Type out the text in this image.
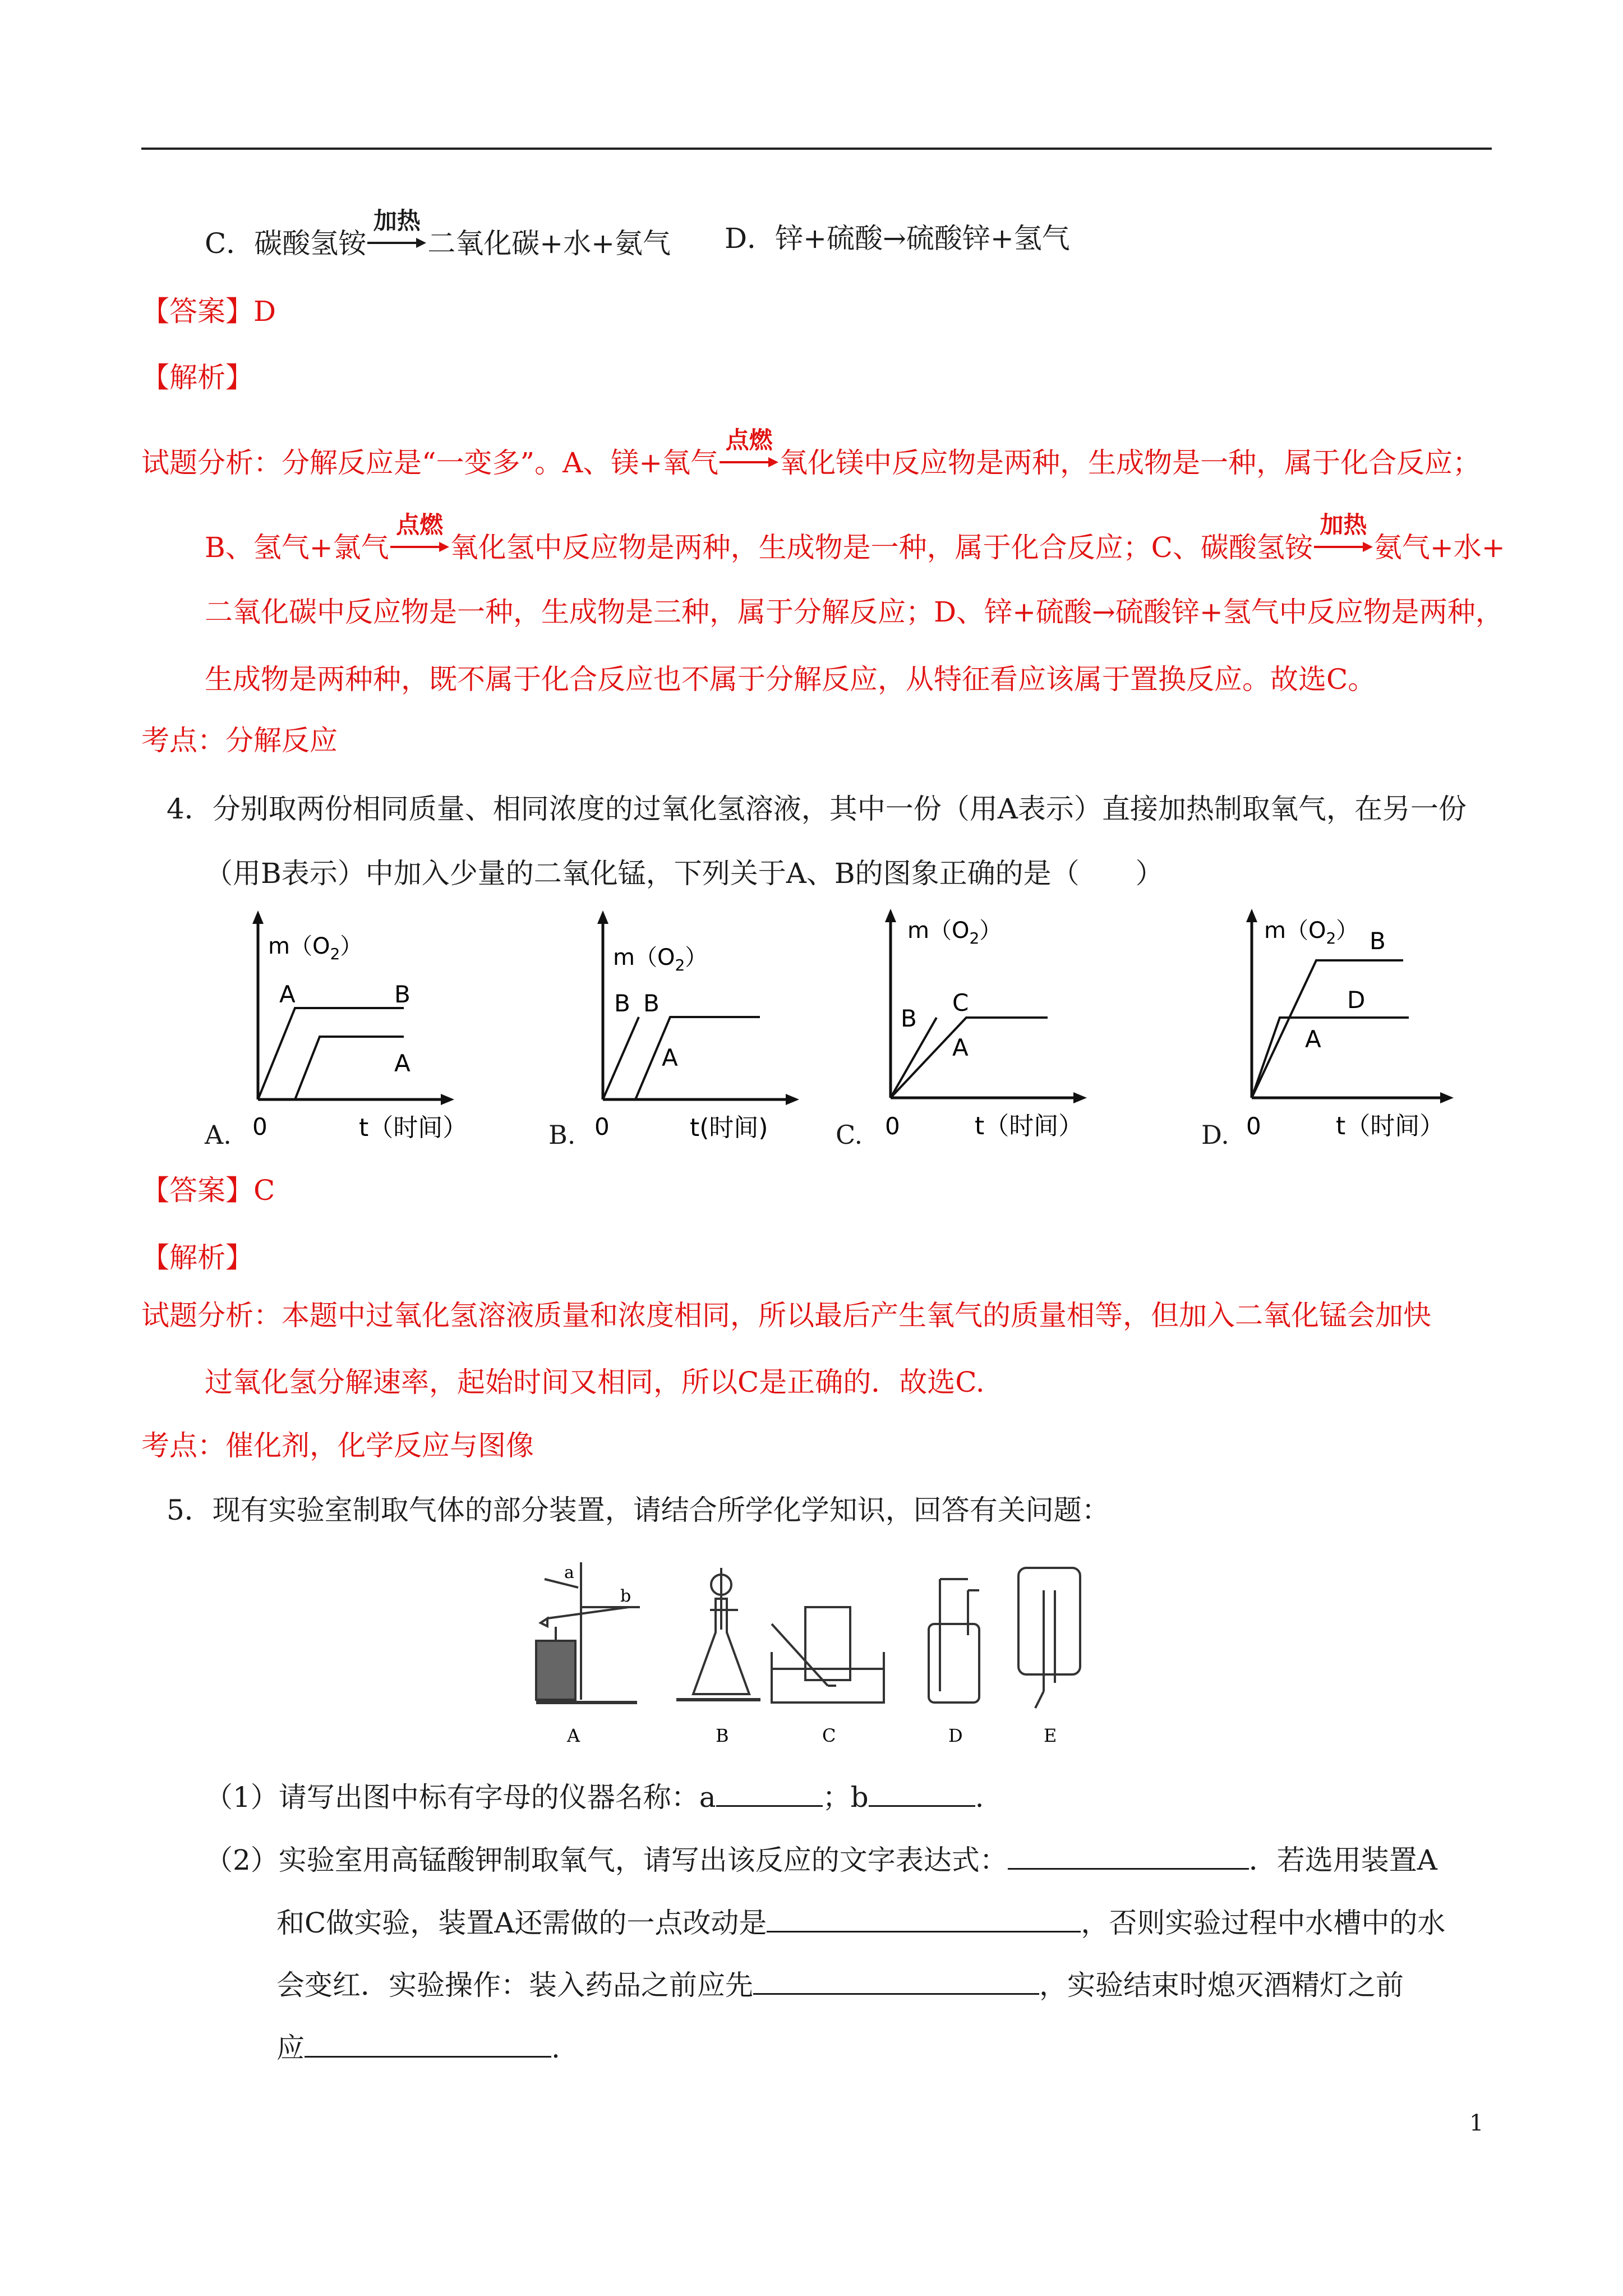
C．碳酸氢铵
加热
二氧化碳+水+氨气 D．锌+硫酸→硫酸锌+氢气
【答案】D
【解析】
试题分析：分解反应是“一变多”。A、镁+氧气
点燃
氧化镁中反应物是两种，生成物是一种，属于化合反应；
B、氢气+氯气
点燃
氧化氢中反应物是两种，生成物是一种，属于化合反应；C、碳酸氢铵
加热
氨气+水+
二氧化碳中反应物是一种，生成物是三种，属于分解反应；D、锌+硫酸→硫酸锌+氢气中反应物是两种，
生成物是两种种，既不属于化合反应也不属于分解反应，从特征看应该属于置换反应。故选C。
考点：分解反应
4．分别取两份相同质量、相同浓度的过氧化氢溶液，其中一份（用A表示）直接加热制取氧气，在另一份
（用B表示）中加入少量的二氧化锰，下列关于A、B的图象正确的是（　　）
A.
$m(O_2)$
A	B
A
0	t（时间）	B.
$m(O_2)$
B B
A
0	t(时间)	C.
$m(O_2)$
B
C
A
0	t（时间）	D.
$m(O_2)$ B
D
A
0	t（时间）
【答案】C
【解析】
试题分析：本题中过氧化氢溶液质量和浓度相同，所以最后产生氧气的质量相等，但加入二氧化锰会加快
过氧化氢分解速率，起始时间又相同，所以C是正确的．故选C.
考点：催化剂，化学反应与图像
5．现有实验室制取气体的部分装置，请结合所学化学知识，回答有关问题：
A	B	C	D	E
a
b
（1）请写出图中标有字母的仪器名称：a	；b	.
（2）实验室用高锰酸钾制取氧气，请写出该反应的文字表达式：	．若选用装置A
和C做实验，装置A还需做的一点改动是	，否则实验过程中水槽中的水
会变红．实验操作：装入药品之前应先	，实验结束时熄灭酒精灯之前
应	.
1
